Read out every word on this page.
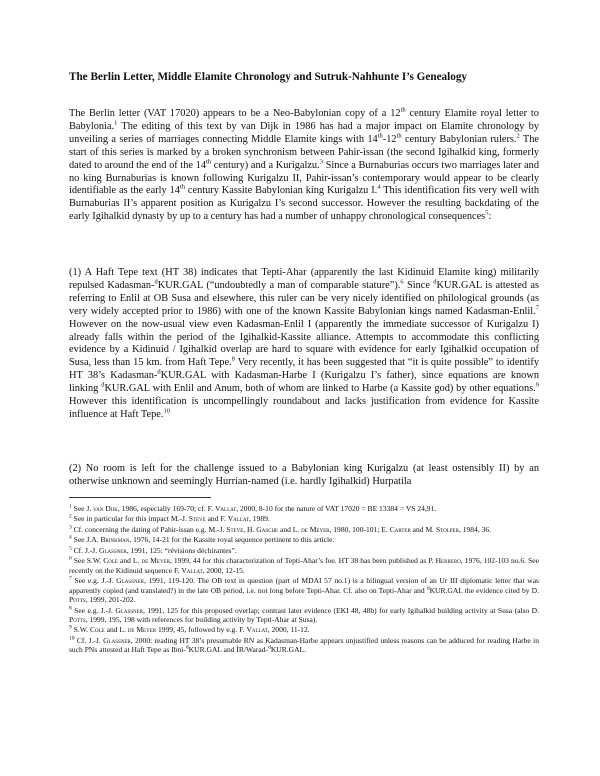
The Berlin Letter, Middle Elamite Chronology and Sutruk-Nahhunte I’s Genealogy

The Berlin letter (VAT 17020) appears to be a Neo-Babylonian copy of a 12th century Elamite royal letter to Babylonia.$^1$ The editing of this text by van Dijk in 1986 has had a major impact on Elamite chronology by unveiling a series of marriages connecting Middle Elamite kings with 14th-12th century Babylonian rulers.$^2$ The start of this series is marked by a broken synchronism between Pahir-issan (the second Igihalkid king, formerly dated to around the end of the 14th century) and a Kurigalzu.$^3$ Since a Burnaburias occurs two marriages later and no king Burnaburias is known following Kurigalzu II, Pahir-issan’s contemporary would appear to be clearly identifiable as the early 14th century Kassite Babylonian king Kurigalzu I.$^4$ This identification fits very well with Burnaburias II’s apparent position as Kurigalzu I’s second successor. However the resulting backdating of the early Igihalkid dynasty by up to a century has had a number of unhappy chronological consequences$^5$:

(1) A Haft Tepe text (HT 38) indicates that Tepti-Ahar (apparently the last Kidinuid Elamite king) militarily repulsed Kadasman-$^d$KUR.GAL (“undoubtedly a man of comparable stature”).$^6$ Since $^d$KUR.GAL is attested as referring to Enlil at OB Susa and elsewhere, this ruler can be very nicely identified on philological grounds (as very widely accepted prior to 1986) with one of the known Kassite Babylonian kings named Kadasman-Enlil.$^7$ However on the now-usual view even Kadasman-Enlil I (apparently the immediate successor of Kurigalzu I) already falls within the period of the Igihalkid-Kassite alliance. Attempts to accommodate this conflicting evidence by a Kidinuid / Igihalkid overlap are hard to square with evidence for early Igihalkid occupation of Susa, less than 15 km. from Haft Tepe.$^8$ Very recently, it has been suggested that “it is quite possible” to identify HT 38’s Kadasman-$^d$KUR.GAL with Kadasman-Harbe I (Kurigalzu I’s father), since equations are known linking $^d$KUR.GAL with Enlil and Anum, both of whom are linked to Harbe (a Kassite god) by other equations.$^9$ However this identification is uncompellingly roundabout and lacks justification from evidence for Kassite influence at Haft Tepe.$^{10}$

(2) No room is left for the challenge issued to a Babylonian king Kurigalzu (at least ostensibly II) by an otherwise unknown and seemingly Hurrian-named (i.e. hardly Igihalkid) Hurpatila

$^1$ See J. van Dijk, 1986, especially 169-70; cf. F. Vallat, 2000, 8-10 for the nature of VAT 17020 = BE 13384 = VS 24,91.
$^2$ See in particular for this impact M.-J. Steve and F. Vallat, 1989.
$^3$ Cf. concerning the dating of Pahir-issan e.g. M.-J. Steve, H. Gasche and L. de Meyer, 1980, 100-101; E. Carter and M. Stolper, 1984, 36.
$^4$ See J.A. Brinkman, 1976, 14-21 for the Kassite royal sequence pertinent to this article.
$^5$ Cf. J.-J. Glassner, 1991, 125: “révisions déchirantes”.
$^6$ See S.W. Cole and L. de Meyer, 1999, 44 for this characterization of Tepti-Ahar’s foe. HT 38 has been published as P. Herrero, 1976, 102-103 no.6. See recently on the Kidinuid sequence F. Vallat, 2000, 12-15.
$^7$ See e.g. J.-J. Glassner, 1991, 119-120. The OB text in question (part of MDAI 57 no.1) is a bilingual version of an Ur III diplomatic letter that was apparently copied (and translated?) in the late OB period, i.e. not long before Tepti-Ahar. Cf. also on Tepti-Ahar and $^d$KUR.GAL the evidence cited by D. Potts, 1999, 201-202.
$^8$ See e.g. J.-J. Glassner, 1991, 125 for this proposed overlap; contrast later evidence (EKI 48, 48b) for early Igihalkid building activity at Susa (also D. Potts, 1999, 195, 198 with references for building activity by Tepti-Ahar at Susa).
$^9$ S.W. Cole and L. de Meyer 1999, 45, followed by e.g. F. Vallat, 2000, 11-12.
$^{10}$ Cf. J.-J. Glassner, 2000: reading HT 38’s presumable RN as Kadasman-Harbe appears unjustified unless reasons can be adduced for reading Harbe in such PNs attested at Haft Tepe as Ibni-$^d$KUR.GAL and ÌR/Warad-$^d$KUR.GAL.
